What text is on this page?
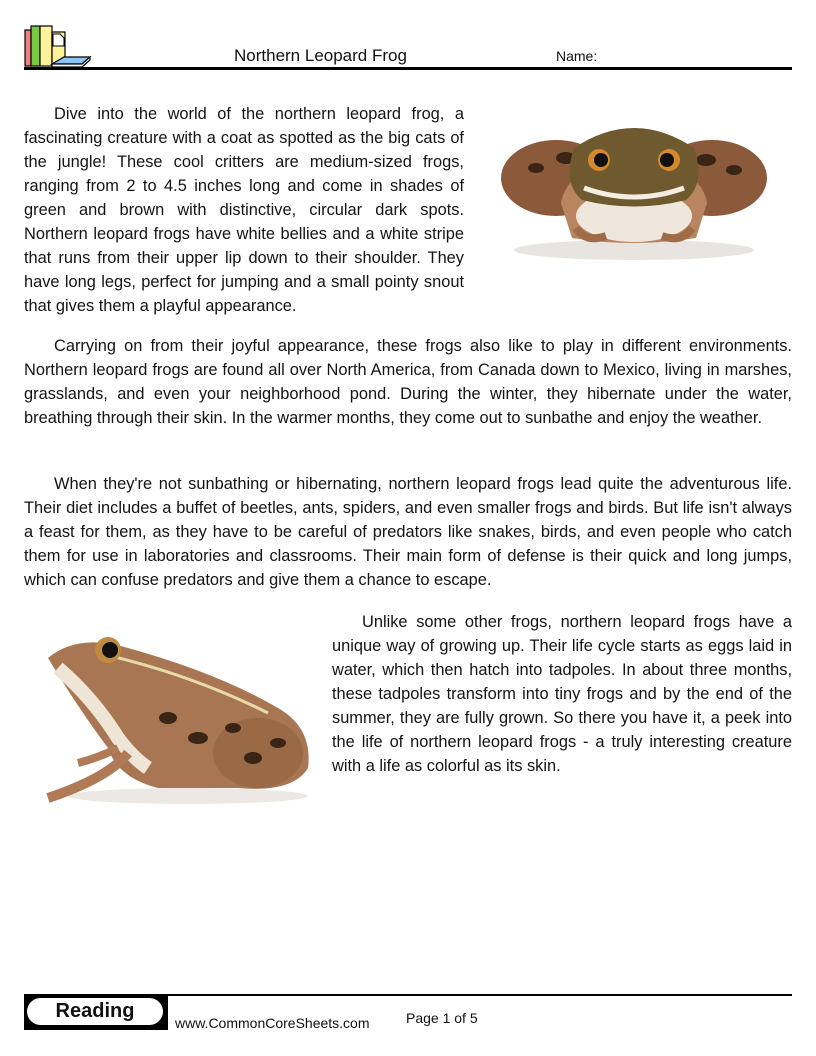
Northern Leopard Frog	Name:

Dive into the world of the northern leopard frog, a fascinating creature with a coat as spotted as the big cats of the jungle! These cool critters are medium-sized frogs, ranging from 2 to 4.5 inches long and come in shades of green and brown with distinctive, circular dark spots. Northern leopard frogs have white bellies and a white stripe that runs from their upper lip down to their shoulder. They have long legs, perfect for jumping and a small pointy snout that gives them a playful appearance.

Carrying on from their joyful appearance, these frogs also like to play in different environments. Northern leopard frogs are found all over North America, from Canada down to Mexico, living in marshes, grasslands, and even your neighborhood pond. During the winter, they hibernate under the water, breathing through their skin. In the warmer months, they come out to sunbathe and enjoy the weather.

When they're not sunbathing or hibernating, northern leopard frogs lead quite the adventurous life. Their diet includes a buffet of beetles, ants, spiders, and even smaller frogs and birds. But life isn't always a feast for them, as they have to be careful of predators like snakes, birds, and even people who catch them for use in laboratories and classrooms. Their main form of defense is their quick and long jumps, which can confuse predators and give them a chance to escape.

Unlike some other frogs, northern leopard frogs have a unique way of growing up. Their life cycle starts as eggs laid in water, which then hatch into tadpoles. In about three months, these tadpoles transform into tiny frogs and by the end of the summer, they are fully grown. So there you have it, a peek into the life of northern leopard frogs - a truly interesting creature with a life as colorful as its skin.

Reading
www.CommonCoreSheets.com	Page 1 of 5
